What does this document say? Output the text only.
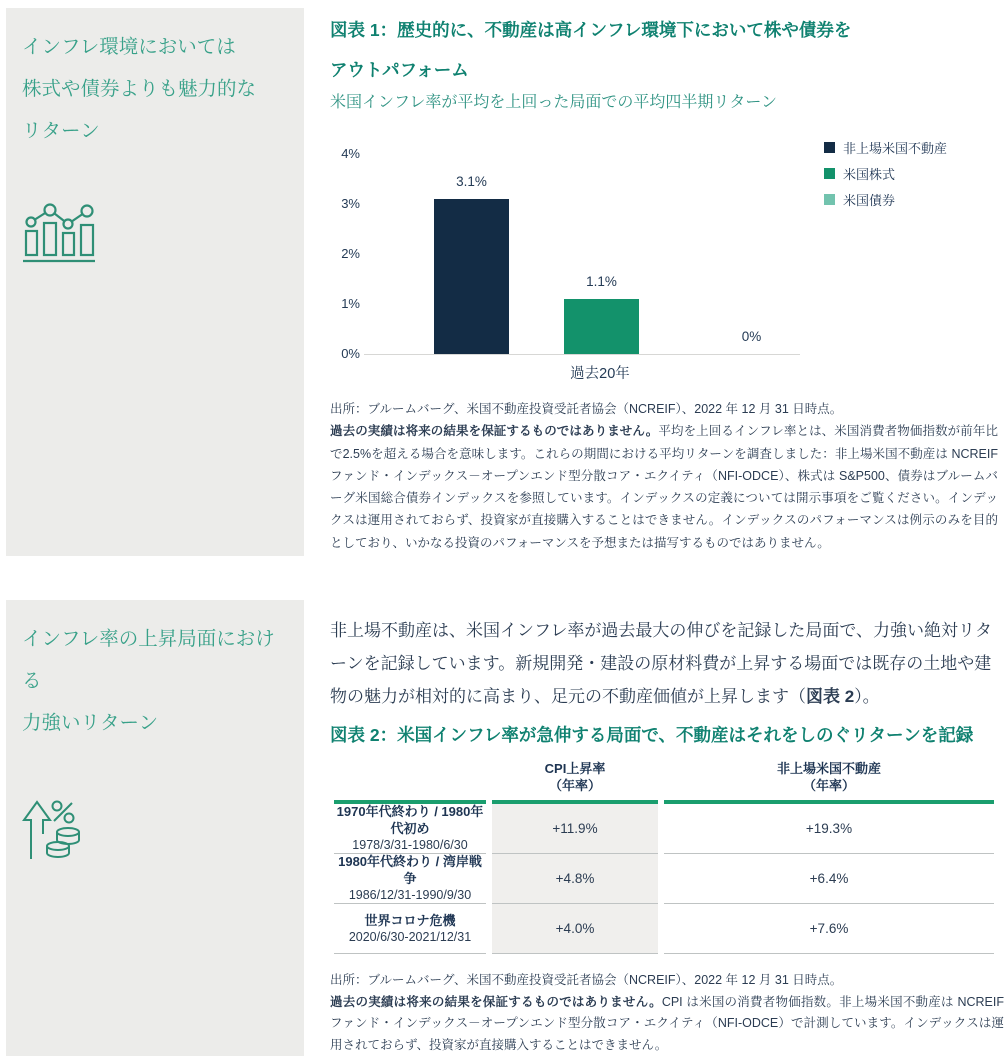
インフレ環境においては

株式や債券よりも魅力的な

リターン

図表 1：歴史的に、不動産は高インフレ環境下において株や債券を
アウトパフォーム

米国インフレ率が平均を上回った局面での平均四半期リターン

4%
3%
2%
1%
0%
3.1%
1.1%
0%
過去20年
非上場米国不動産
米国株式
米国債券

出所：ブルームバーグ、米国不動産投資受託者協会（NCREIF）、2022 年 12 月 31 日時点。

過去の実績は将来の結果を保証するものではありません。平均を上回るインフレ率とは、米国消費者物価指数が前年比で2.5%を超える場合を意味します。これらの期間における平均リターンを調査しました：非上場米国不動産は NCREIF ファンド・インデックス－オープンエンド型分散コア・エクイティ（NFI-ODCE）、株式は S&P500、債券はブルームバーグ米国総合債券インデックスを参照しています。インデックスの定義については開示事項をご覧ください。インデックスは運用されておらず、投資家が直接購入することはできません。インデックスのパフォーマンスは例示のみを目的としており、いかなる投資のパフォーマンスを予想または描写するものではありません。

インフレ率の上昇局面における

力強いリターン

非上場不動産は、米国インフレ率が過去最大の伸びを記録した局面で、力強い絶対リターンを記録しています。新規開発・建設の原材料費が上昇する場面では既存の土地や建物の魅力が相対的に高まり、足元の不動産価値が上昇します（図表 2）。

図表 2：米国インフレ率が急伸する局面で、不動産はそれをしのぐリターンを記録
CPI上昇率
（年率）
非上場米国不動産
（年率）
1970年代終わり / 1980年代初め
1978/3/31-1980/6/30
+11.9%	+19.3%
1980年代終わり / 湾岸戦争
1986/12/31-1990/9/30
+4.8%	+6.4%
世界コロナ危機
2020/6/30-2021/12/31
+4.0%	+7.6%

出所：ブルームバーグ、米国不動産投資受託者協会（NCREIF）、2022 年 12 月 31 日時点。

過去の実績は将来の結果を保証するものではありません。CPI は米国の消費者物価指数。非上場米国不動産は NCREIF ファンド・インデックス－オープンエンド型分散コア・エクイティ（NFI-ODCE）で計測しています。インデックスは運用されておらず、投資家が直接購入することはできません。
